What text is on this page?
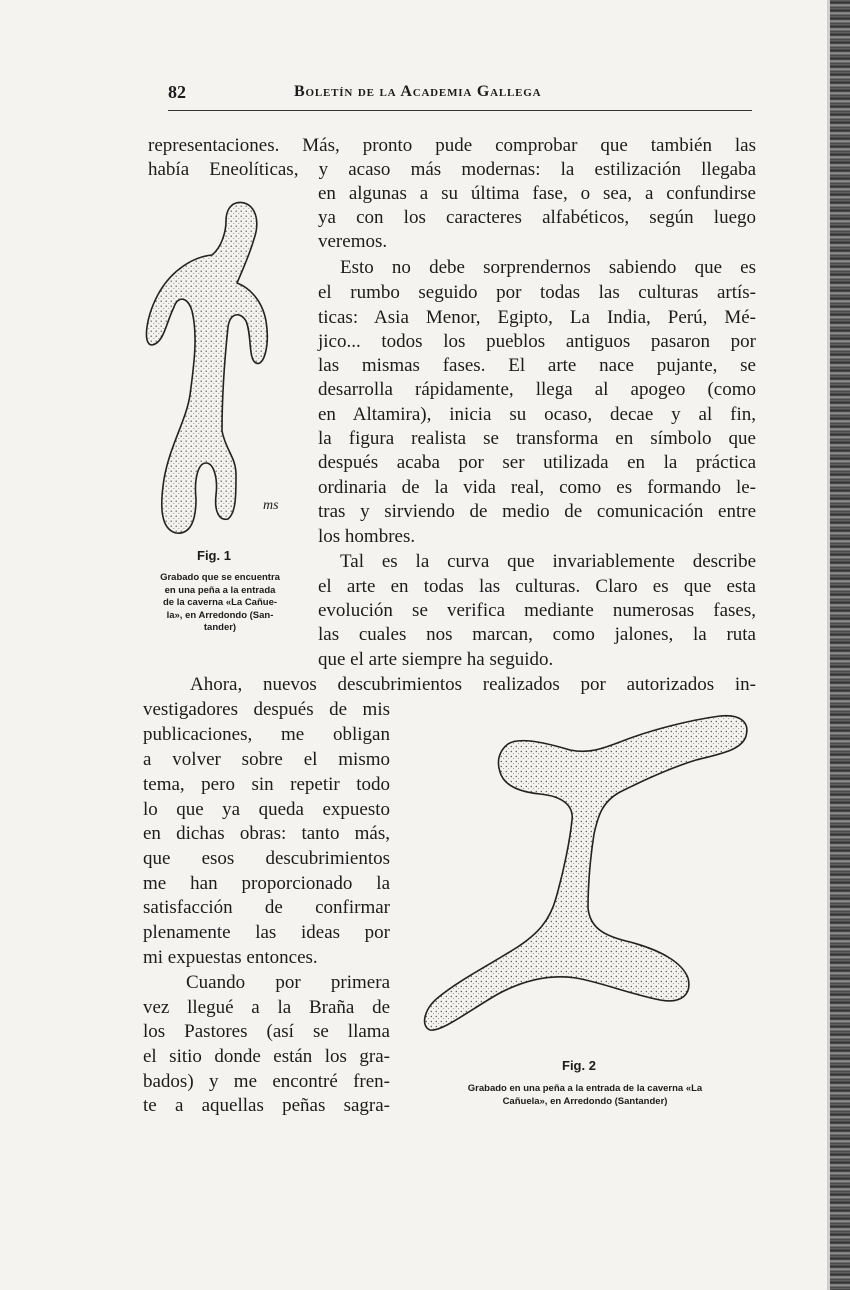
82	Boletín de la Academia Gallega
representaciones. Más, pronto pude comprobar que también las
había Eneolíticas, y acaso más modernas: la estilización llegaba
en algunas a su última fase, o sea, a confundirse
ya con los caracteres alfabéticos, según luego
veremos.
Esto no debe sorprendernos sabiendo que es
el rumbo seguido por todas las culturas artís-
ticas: Asia Menor, Egipto, La India, Perú, Mé-
jico... todos los pueblos antiguos pasaron por
las mismas fases. El arte nace pujante, se
desarrolla rápidamente, llega al apogeo (como
en Altamira), inicia su ocaso, decae y al fin,
la figura realista se transforma en símbolo que
después acaba por ser utilizada en la práctica
ordinaria de la vida real, como es formando le-
tras y sirviendo de medio de comunicación entre
los hombres.
Tal es la curva que invariablemente describe
el arte en todas las culturas. Claro es que esta
evolución se verifica mediante numerosas fases,
las cuales nos marcan, como jalones, la ruta
que el arte siempre ha seguido.
Ahora, nuevos descubrimientos realizados por autorizados in-
vestigadores después de mis
publicaciones, me obligan
a volver sobre el mismo
tema, pero sin repetir todo
lo que ya queda expuesto
en dichas obras: tanto más,
que esos descubrimientos
me han proporcionado la
satisfacción de confirmar
plenamente las ideas por
mi expuestas entonces.
Cuando por primera
vez llegué a la Braña de
los Pastores (así se llama
el sitio donde están los gra-
bados) y me encontré fren-
te a aquellas peñas sagra-
ms
Fig. 1
Grabado que se encuentra
en una peña a la entrada
de la caverna «La Cañue-
la», en Arredondo (San-
tander)
Fig. 2
Grabado en una peña a la entrada de la caverna «La
Cañuela», en Arredondo (Santander)
